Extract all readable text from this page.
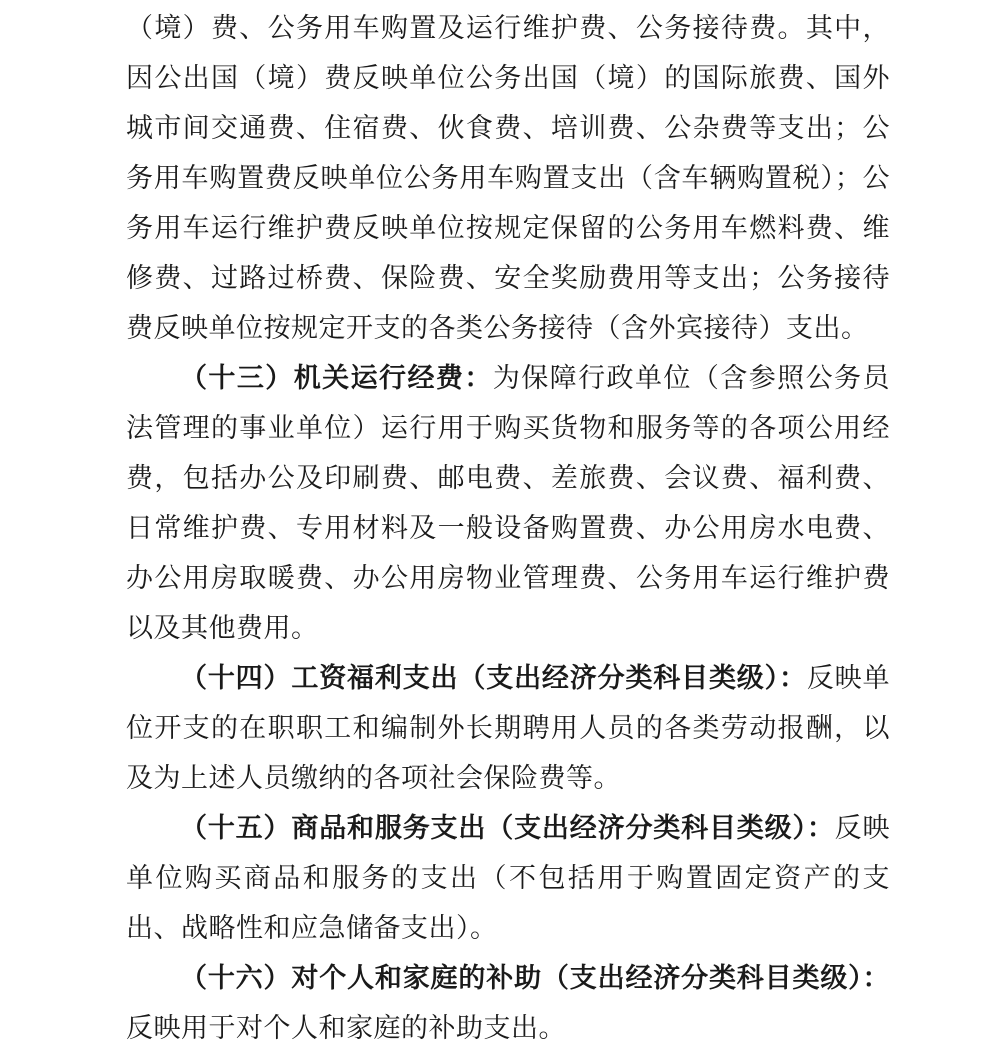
（境）费、公务用车购置及运行维护费、公务接待费。其中，因公出国（境）费反映单位公务出国（境）的国际旅费、国外城市间交通费、住宿费、伙食费、培训费、公杂费等支出；公务用车购置费反映单位公务用车购置支出（含车辆购置税）；公务用车运行维护费反映单位按规定保留的公务用车燃料费、维修费、过路过桥费、保险费、安全奖励费用等支出；公务接待费反映单位按规定开支的各类公务接待（含外宾接待）支出。

（十三）机关运行经费：为保障行政单位（含参照公务员法管理的事业单位）运行用于购买货物和服务等的各项公用经费，包括办公及印刷费、邮电费、差旅费、会议费、福利费、日常维护费、专用材料及一般设备购置费、办公用房水电费、办公用房取暖费、办公用房物业管理费、公务用车运行维护费以及其他费用。

（十四）工资福利支出（支出经济分类科目类级）：反映单位开支的在职职工和编制外长期聘用人员的各类劳动报酬，以及为上述人员缴纳的各项社会保险费等。

（十五）商品和服务支出（支出经济分类科目类级）：反映单位购买商品和服务的支出（不包括用于购置固定资产的支出、战略性和应急储备支出）。

（十六）对个人和家庭的补助（支出经济分类科目类级）：反映用于对个人和家庭的补助支出。
